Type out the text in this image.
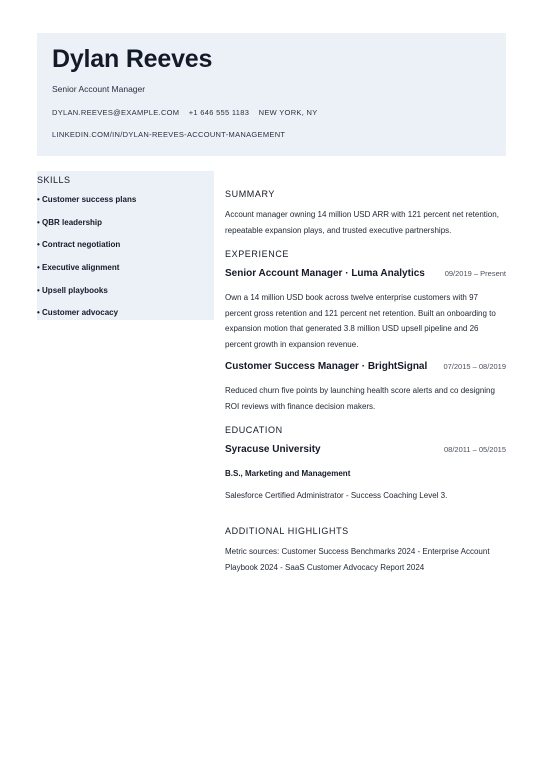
Dylan Reeves
Senior Account Manager
DYLAN.REEVES@EXAMPLE.COM +1 646 555 1183 NEW YORK, NY
LINKEDIN.COM/IN/DYLAN-REEVES-ACCOUNT-MANAGEMENT
SKILLS
• Customer success plans
• QBR leadership
• Contract negotiation
• Executive alignment
• Upsell playbooks
• Customer advocacy
SUMMARY
Account manager owning 14 million USD ARR with 121 percent net retention, repeatable expansion plays, and trusted executive partnerships.
EXPERIENCE
Senior Account Manager · Luma Analytics	09/2019 – Present
Own a 14 million USD book across twelve enterprise customers with 97 percent gross retention and 121 percent net retention. Built an onboarding to expansion motion that generated 3.8 million USD upsell pipeline and 26 percent growth in expansion revenue.
Customer Success Manager · BrightSignal 07/2015 – 08/2019
Reduced churn five points by launching health score alerts and co designing ROI reviews with finance decision makers.
EDUCATION
Syracuse University	08/2011 – 05/2015
B.S., Marketing and Management
Salesforce Certified Administrator - Success Coaching Level 3.
ADDITIONAL HIGHLIGHTS
Metric sources: Customer Success Benchmarks 2024 - Enterprise Account Playbook 2024 - SaaS Customer Advocacy Report 2024
